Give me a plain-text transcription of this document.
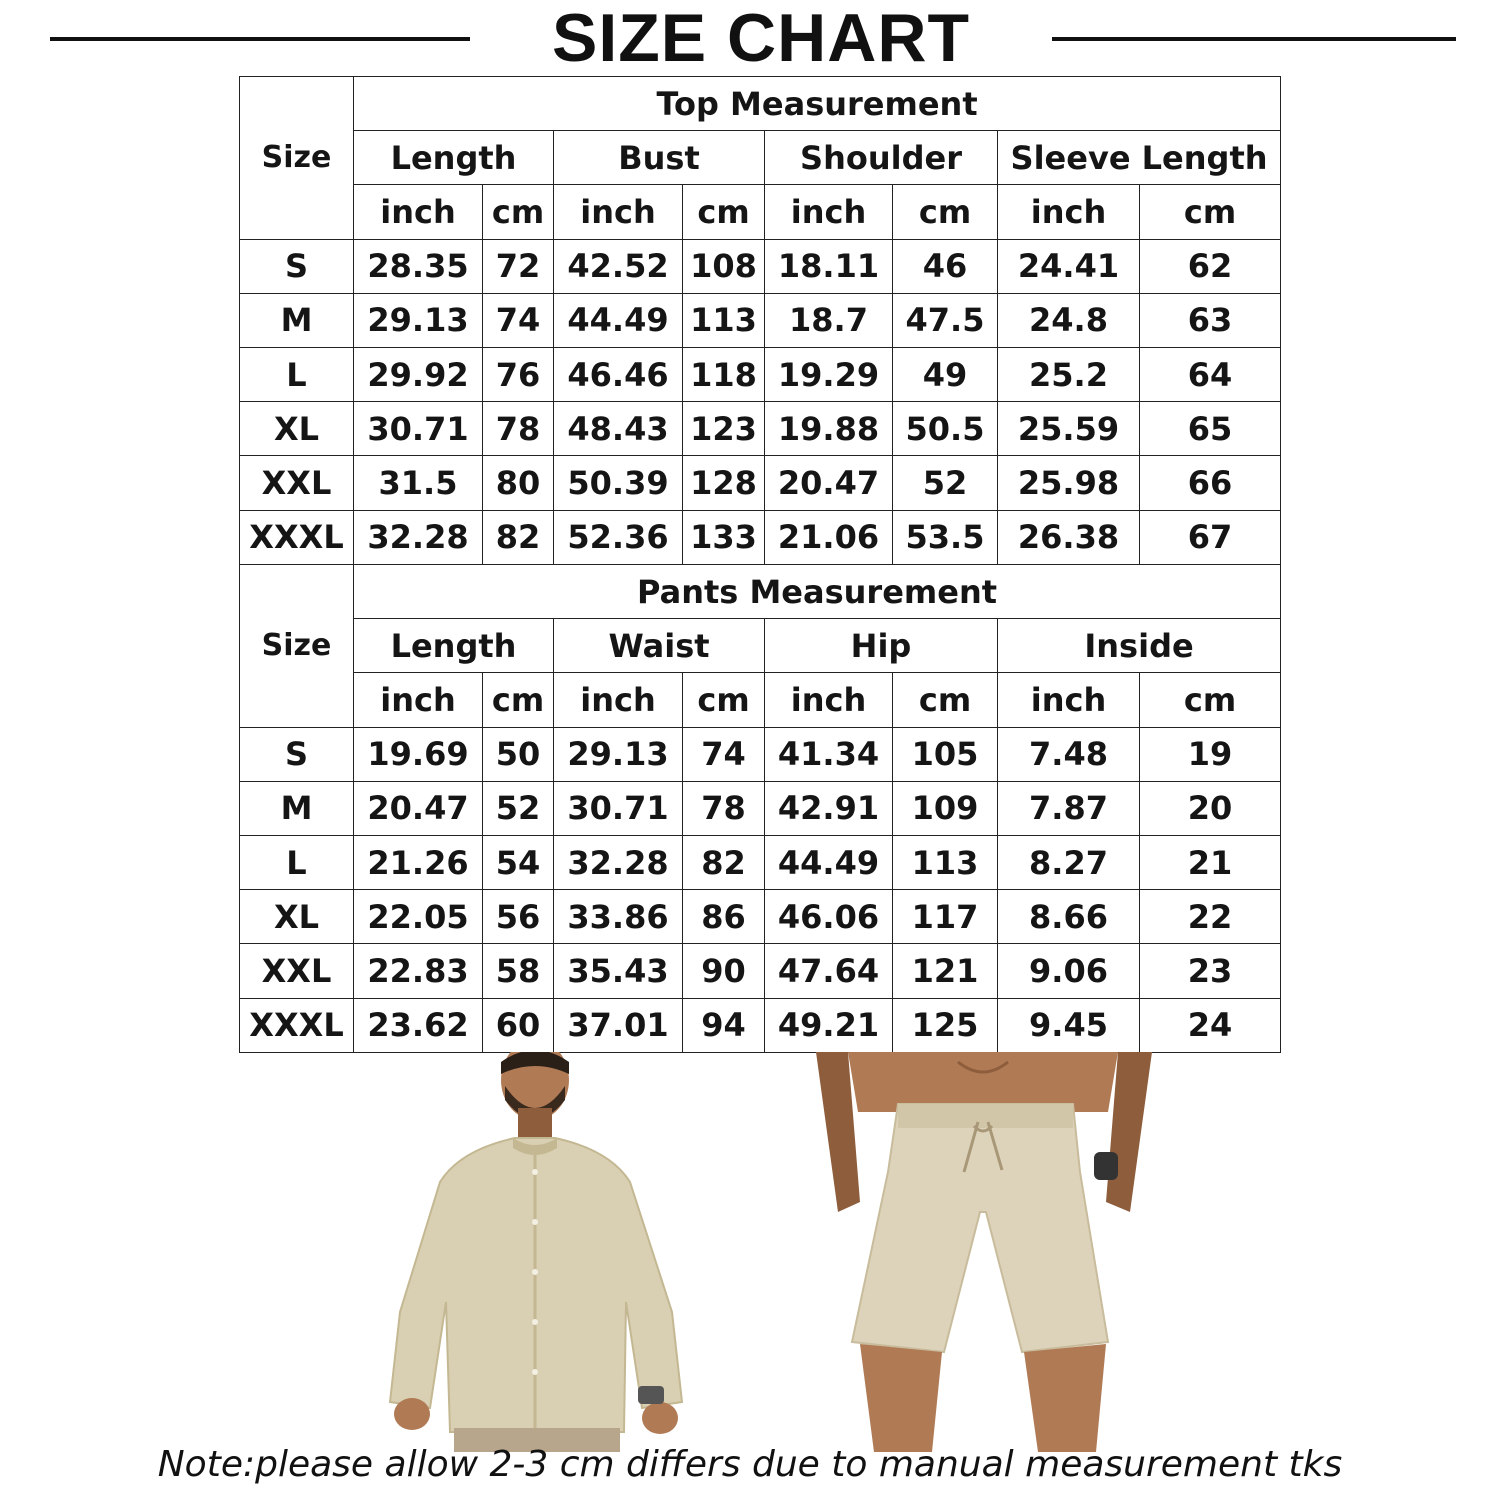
SIZE CHART
Size	Top Measurement							
	Length		Bust		Shoulder		Sleeve Length	
	inch	cm	inch	cm	inch	cm	inch	cm
S	28.35	72	42.52	108	18.11	46	24.41	62
M	29.13	74	44.49	113	18.7	47.5	24.8	63
L	29.92	76	46.46	118	19.29	49	25.2	64
XL	30.71	78	48.43	123	19.88	50.5	25.59	65
XXL	31.5	80	50.39	128	20.47	52	25.98	66
XXXL	32.28	82	52.36	133	21.06	53.5	26.38	67
Size	Pants Measurement							
	Length		Waist		Hip		Inside	
	inch	cm	inch	cm	inch	cm	inch	cm
S	19.69	50	29.13	74	41.34	105	7.48	19
M	20.47	52	30.71	78	42.91	109	7.87	20
L	21.26	54	32.28	82	44.49	113	8.27	21
XL	22.05	56	33.86	86	46.06	117	8.66	22
XXL	22.83	58	35.43	90	47.64	121	9.06	23
XXXL	23.62	60	37.01	94	49.21	125	9.45	24
Note:please allow 2-3 cm differs due to manual measurement tks
